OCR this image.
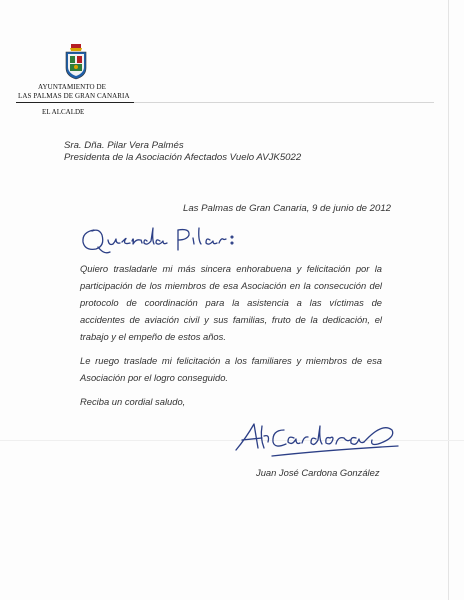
AYUNTAMIENTO DE
LAS PALMAS DE GRAN CANARIA
EL ALCALDE
Sra. Dña. Pilar Vera Palmés
Presidenta de la Asociación Afectados Vuelo AVJK5022
Las Palmas de Gran Canaria, 9 de junio de 2012

Quiero trasladarle mi más sincera enhorabuena y felicitación por la participación de los miembros de esa Asociación en la consecución del protocolo de coordinación para la asistencia a las víctimas de accidentes de aviación civil y sus familias, fruto de la dedicación, el trabajo y el empeño de estos años.

Le ruego traslade mi felicitación a los familiares y miembros de esa Asociación por el logro conseguido.

Reciba un cordial saludo,
Juan José Cardona González
